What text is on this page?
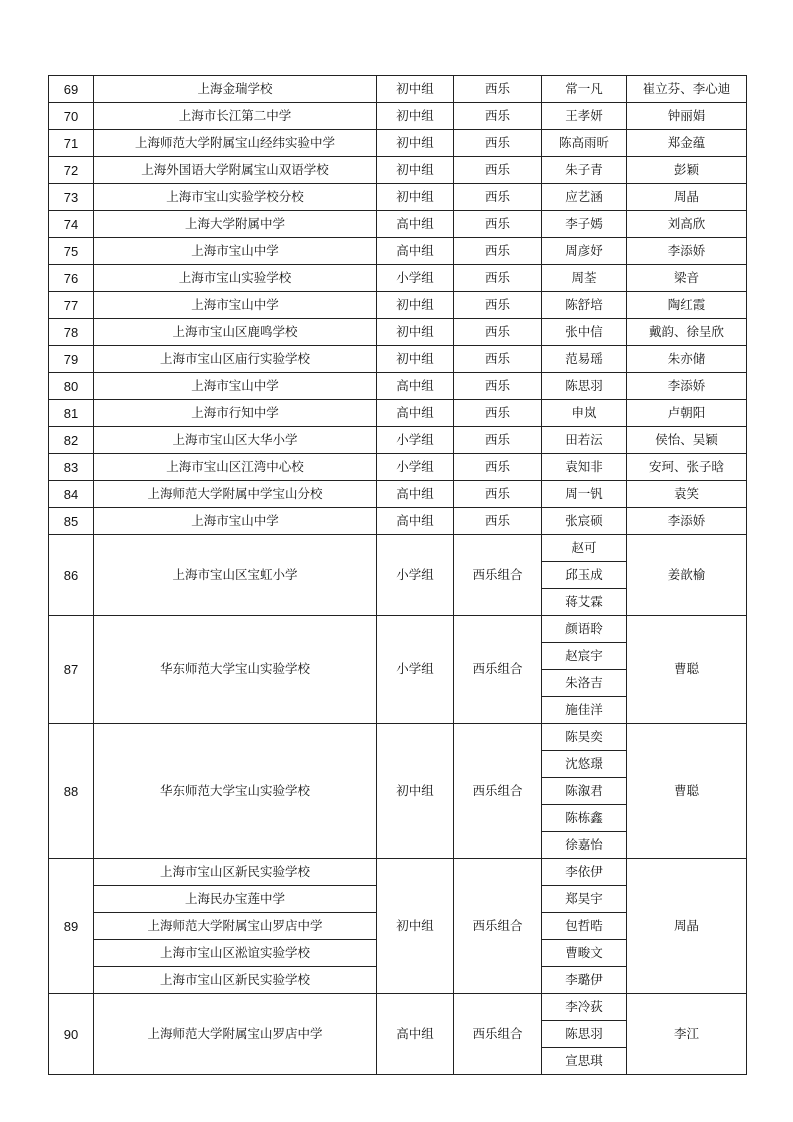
69	上海金瑞学校	初中组	西乐	常一凡	崔立芬、李心迪
70	上海市长江第二中学	初中组	西乐	王孝妍	钟丽娟
71	上海师范大学附属宝山经纬实验中学	初中组	西乐	陈高雨昕	郑金蕴
72	上海外国语大学附属宝山双语学校	初中组	西乐	朱子青	彭颖
73	上海市宝山实验学校分校	初中组	西乐	应艺涵	周晶
74	上海大学附属中学	高中组	西乐	李子嫣	刘高欣
75	上海市宝山中学	高中组	西乐	周彦妤	李添娇
76	上海市宝山实验学校	小学组	西乐	周荃	梁音
77	上海市宝山中学	初中组	西乐	陈舒培	陶红霞
78	上海市宝山区鹿鸣学校	初中组	西乐	张中信	戴韵、徐呈欣
79	上海市宝山区庙行实验学校	初中组	西乐	范易瑶	朱亦储
80	上海市宝山中学	高中组	西乐	陈思羽	李添娇
81	上海市行知中学	高中组	西乐	申岚	卢朝阳
82	上海市宝山区大华小学	小学组	西乐	田若沄	侯怡、吴颖
83	上海市宝山区江湾中心校	小学组	西乐	袁知非	安珂、张子晗
84	上海师范大学附属中学宝山分校	高中组	西乐	周一钒	袁笑
85	上海市宝山中学	高中组	西乐	张宸硕	李添娇
86	上海市宝山区宝虹小学	小学组	西乐组合	赵可	姜歆榆
				邱玉成	
				蒋艾霖	
87	华东师范大学宝山实验学校	小学组	西乐组合	颜语聆	曹聪
				赵宸宇	
				朱洛吉	
				施佳洋	
88	华东师范大学宝山实验学校	初中组	西乐组合	陈昊奕	曹聪
				沈悠璟	
				陈溆君	
				陈栋鑫	
				徐嘉怡	
89	上海市宝山区新民实验学校	初中组	西乐组合	李依伊	周晶
	上海民办宝莲中学			郑昊宇	
	上海师范大学附属宝山罗店中学			包哲晧	
	上海市宝山区淞谊实验学校			曹畯文	
	上海市宝山区新民实验学校			李璐伊	
90	上海师范大学附属宝山罗店中学	高中组	西乐组合	李冷荻	李江
				陈思羽	
				宣思琪	
